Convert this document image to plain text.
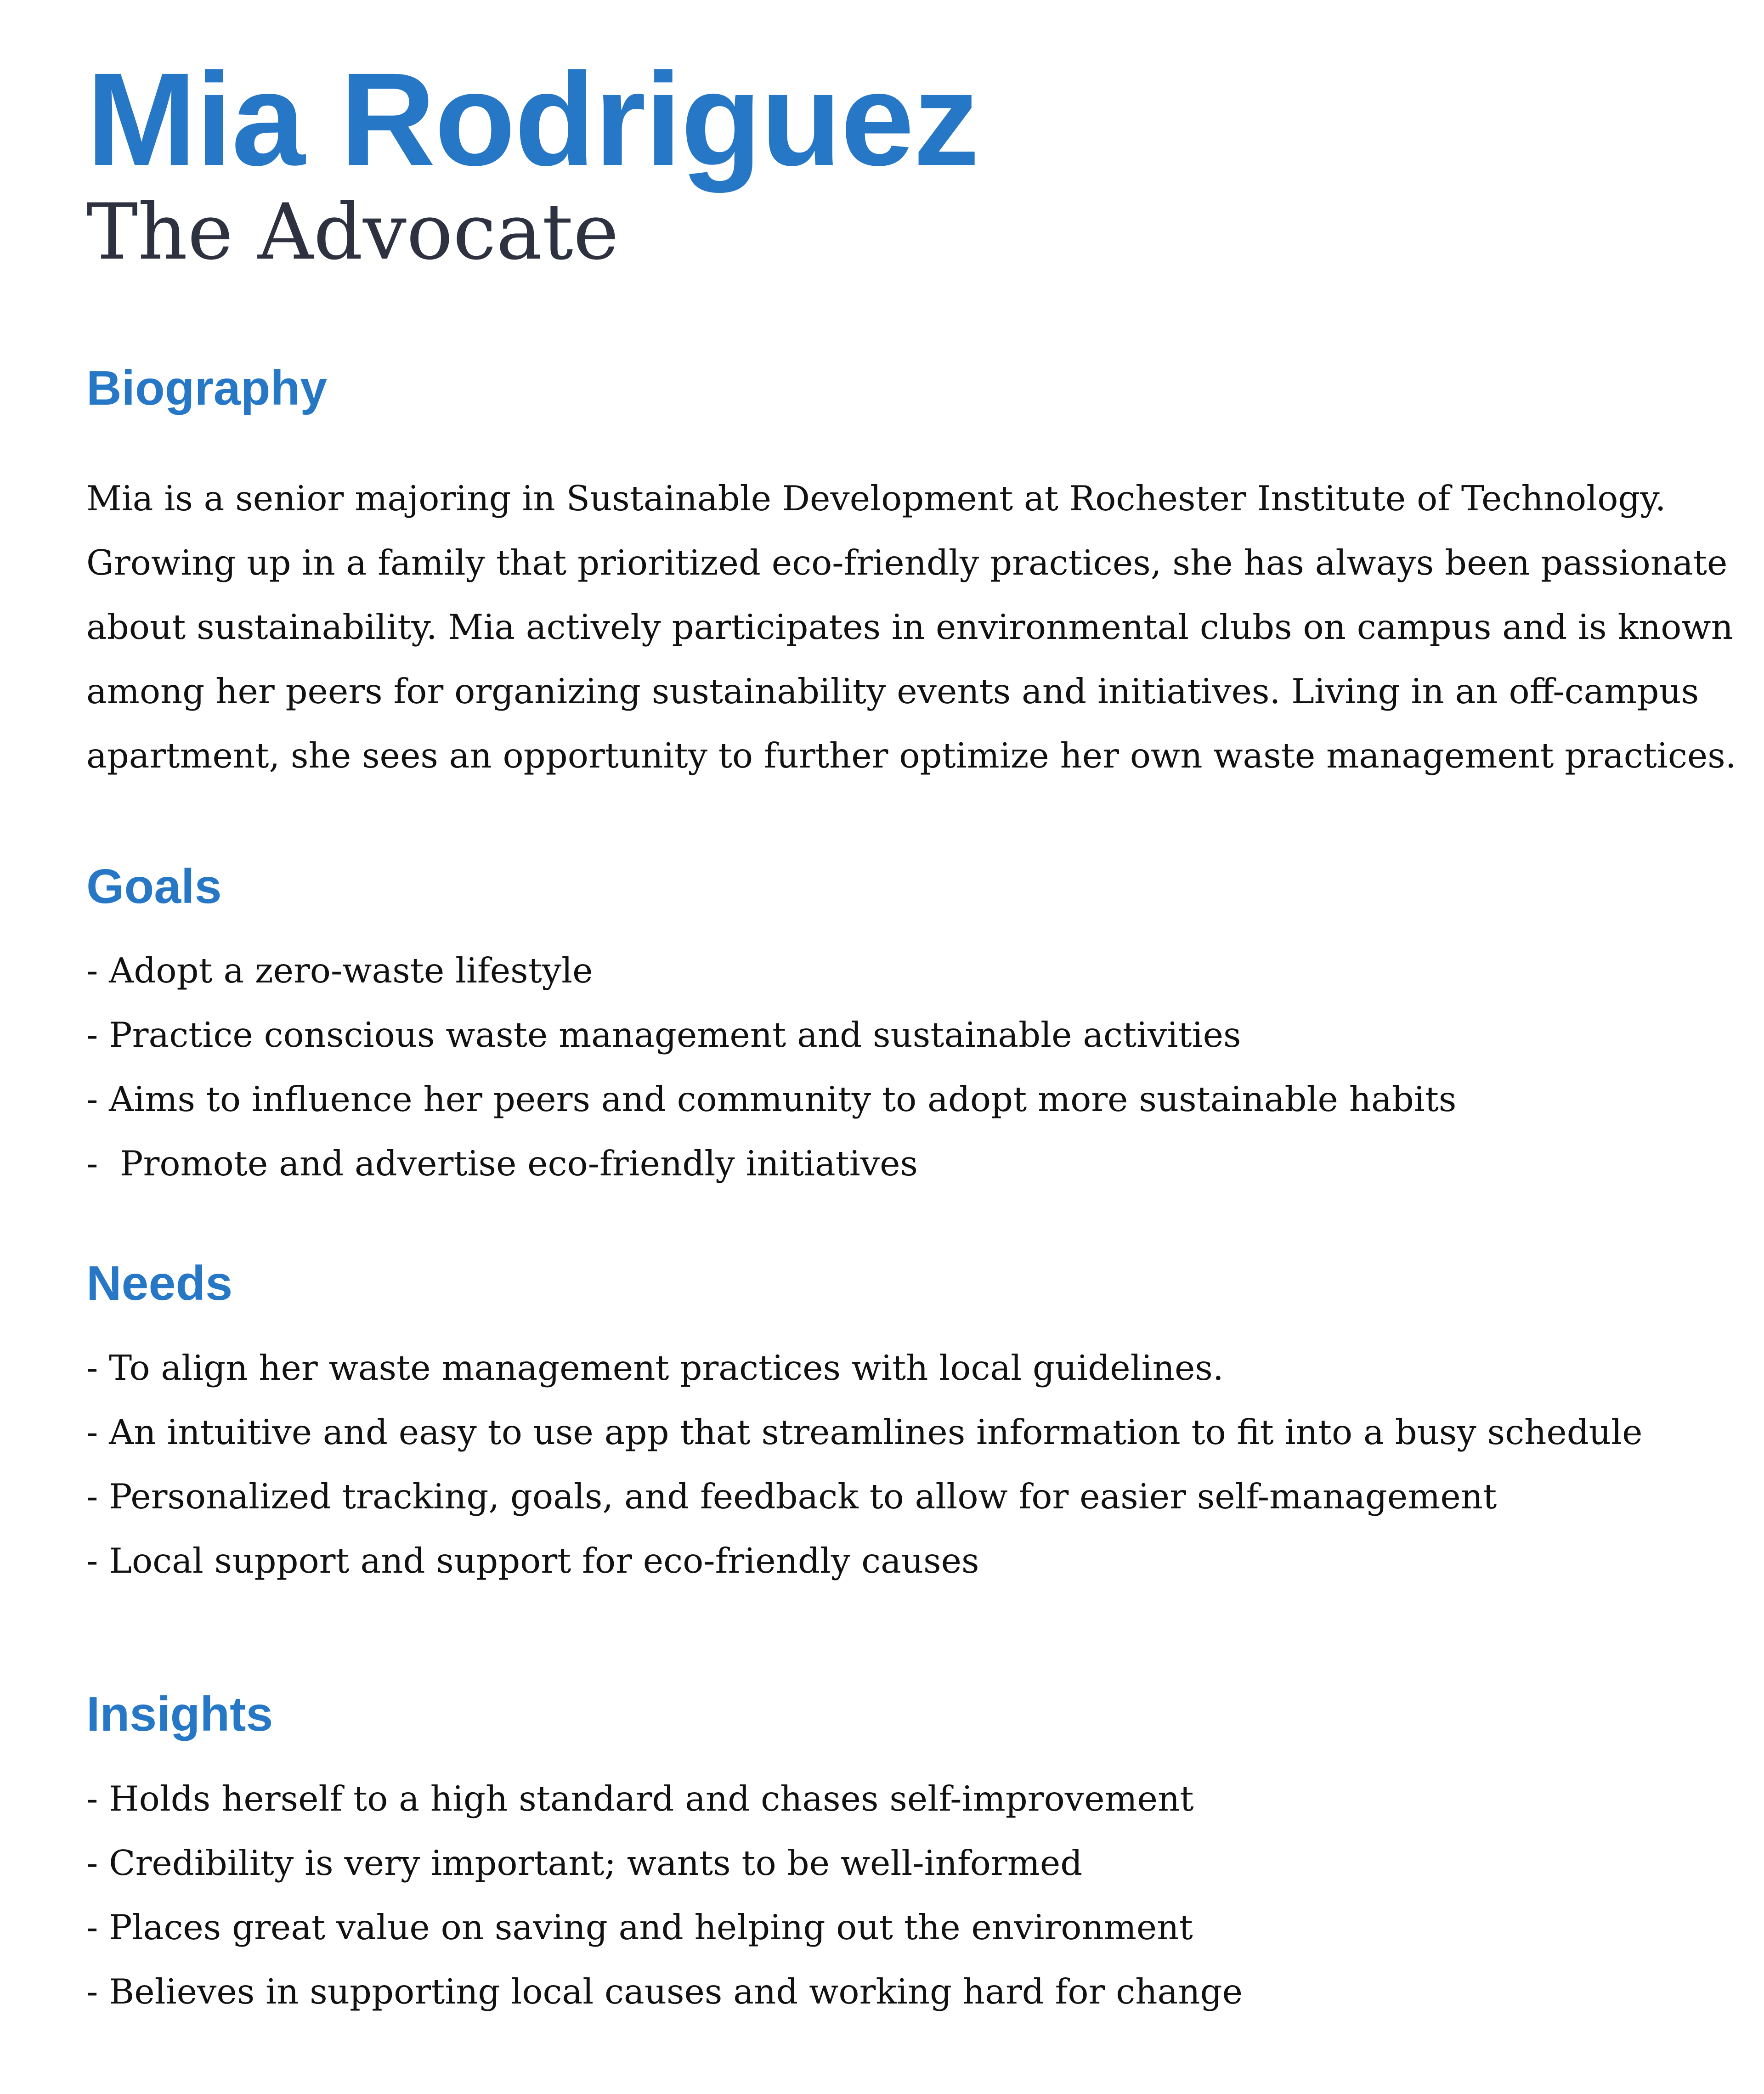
Mia Rodriguez
The Advocate
Biography

Mia is a senior majoring in Sustainable Development at Rochester Institute of Technology.

Growing up in a family that prioritized eco-friendly practices, she has always been passionate

about sustainability. Mia actively participates in environmental clubs on campus and is known

among her peers for organizing sustainability events and initiatives. Living in an off-campus

apartment, she sees an opportunity to further optimize her own waste management practices.

Goals

- Adopt a zero-waste lifestyle

- Practice conscious waste management and sustainable activities

- Aims to influence her peers and community to adopt more sustainable habits

-  Promote and advertise eco-friendly initiatives

Needs

- To align her waste management practices with local guidelines.

- An intuitive and easy to use app that streamlines information to fit into a busy schedule

- Personalized tracking, goals, and feedback to allow for easier self-management

- Local support and support for eco-friendly causes

Insights

- Holds herself to a high standard and chases self-improvement

- Credibility is very important; wants to be well-informed

- Places great value on saving and helping out the environment

- Believes in supporting local causes and working hard for change
